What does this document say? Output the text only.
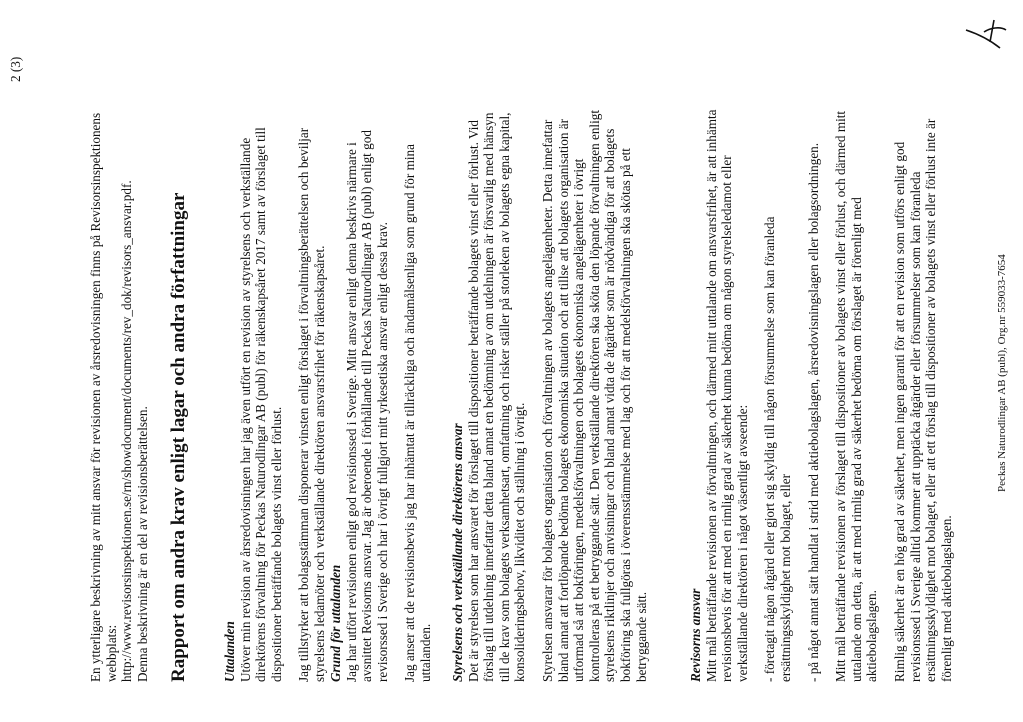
2 (3)
En ytterligare beskrivning av mitt ansvar för revisionen av årsredovisningen finns på Revisorsinspektionens webbplats: http://www.revisorsinspektionen.se/rn/showdocument/documents/rev_dok/revisors_ansvar.pdf. Denna beskrivning är en del av revisionsberättelsen. Rapport om andra krav enligt lagar och andra författningar	Uttalanden Utöver min revision av årsredovisningen har jag även utfört en revision av styrelsens och verkställande direktörens förvaltning för Peckas Naturodlingar AB (publ) för räkenskapsåret 2017 samt av förslaget till dispositioner beträffande bolagets vinst eller förlust. Jag tillstyrker att bolagsstämman disponerar vinsten enligt förslaget i förvaltningsberättelsen och beviljar styrelsens ledamöter och verkställande direktören ansvarsfrihet för räkenskapsåret. Grund för uttalanden Jag har utfört revisionen enligt god revisionssed i Sverige. Mitt ansvar enligt denna beskrivs närmare i avsnittet Revisorns ansvar. Jag är oberoende i förhållande till Peckas Naturodlingar AB (publ) enligt god revisorssed i Sverige och har i övrigt fullgjort mitt yrkesetiska ansvar enligt dessa krav. Jag anser att de revisionsbevis jag har inhämtat är tillräckliga och ändamålsenliga som grund för mina uttalanden. Styrelsens och verkställande direktörens ansvar Det är styrelsen som har ansvaret för förslaget till dispositioner beträffande bolagets vinst eller förlust. Vid förslag till utdelning innefattar detta bland annat en bedömning av om utdelningen är försvarlig med hänsyn till de krav som bolagets verksamhetsart, omfattning och risker ställer på storleken av bolagets egna kapital, konsolideringsbehov, likviditet och ställning i övrigt. Styrelsen ansvarar för bolagets organisation och förvaltningen av bolagets angelägenheter. Detta innefattar bland annat att fortlöpande bedöma bolagets ekonomiska situation och att tillse att bolagets organisation är utformad så att bokföringen, medelsförvaltningen och bolagets ekonomiska angelägenheter i övrigt kontrolleras på ett betryggande sätt. Den verkställande direktören ska sköta den löpande förvaltningen enligt styrelsens riktlinjer och anvisningar och bland annat vidta de åtgärder som är nödvändiga för att bolagets bokföring ska fullgöras i överensstämmelse med lag och för att medelsförvaltningen ska skötas på ett betryggande sätt.	Revisorns ansvar Mitt mål beträffande revisionen av förvaltningen, och därmed mitt uttalande om ansvarsfrihet, är att inhämta revisionsbevis för att med en rimlig grad av säkerhet kunna bedöma om någon styrelseledamot eller verkställande direktören i något väsentligt avseende: - företagit någon åtgärd eller gjort sig skyldig till någon försummelse som kan föranleda ersättningsskyldighet mot bolaget, eller - på något annat sätt handlat i strid med aktiebolagslagen, årsredovisningslagen eller bolagsordningen. Mitt mål beträffande revisionen av förslaget till dispositioner av bolagets vinst eller förlust, och därmed mitt uttalande om detta, är att med rimlig grad av säkerhet bedöma om förslaget är förenligt med aktiebolagslagen. Rimlig säkerhet är en hög grad av säkerhet, men ingen garanti för att en revision som utförs enligt god revisionssed i Sverige alltid kommer att upptäcka åtgärder eller försummelser som kan föranleda ersättningsskyldighet mot bolaget, eller att ett förslag till dispositioner av bolagets vinst eller förlust inte är förenligt med aktiebolagslagen.
Peckas Naturodlingar AB (publ), Org.nr 559033-7654
